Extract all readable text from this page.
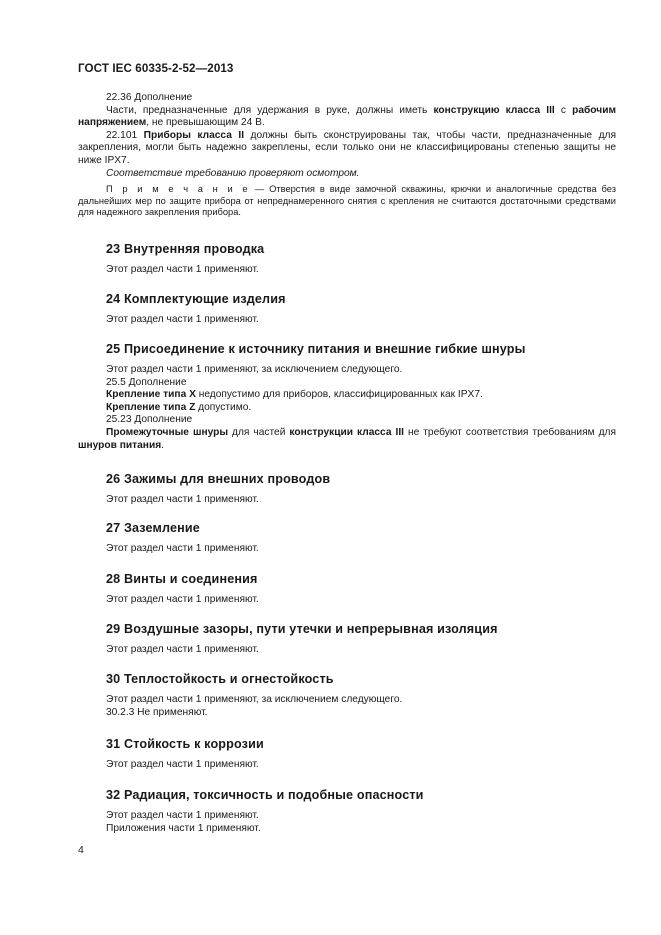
ГОСТ IEC 60335-2-52—2013

22.36 Дополнение

Части, предназначенные для удержания в руке, должны иметь конструкцию класса III с рабочим напряжением, не превышающим 24 В.

22.101 Приборы класса II должны быть сконструированы так, чтобы части, предназначенные для закрепления, могли быть надежно закреплены, если только они не классифицированы степенью защиты не ниже IPX7.

Соответствие требованию проверяют осмотром.

П р и м е ч а н и е — Отверстия в виде замочной скважины, крючки и аналогичные средства без дальнейших мер по защите прибора от непреднамеренного снятия с крепления не считаются достаточными средствами для надежного закрепления прибора.

23 Внутренняя проводка

Этот раздел части 1 применяют.

24 Комплектующие изделия

Этот раздел части 1 применяют.

25 Присоединение к источнику питания и внешние гибкие шнуры

Этот раздел части 1 применяют, за исключением следующего.

25.5 Дополнение

Крепление типа X недопустимо для приборов, классифицированных как IPX7.

Крепление типа Z допустимо.

25.23 Дополнение

Промежуточные шнуры для частей конструкции класса III не требуют соответствия требованиям для шнуров питания.

26 Зажимы для внешних проводов

Этот раздел части 1 применяют.

27 Заземление

Этот раздел части 1 применяют.

28 Винты и соединения

Этот раздел части 1 применяют.

29 Воздушные зазоры, пути утечки и непрерывная изоляция

Этот раздел части 1 применяют.

30 Теплостойкость и огнестойкость

Этот раздел части 1 применяют, за исключением следующего.

30.2.3 Не применяют.

31 Стойкость к коррозии

Этот раздел части 1 применяют.

32 Радиация, токсичность и подобные опасности

Этот раздел части 1 применяют.

Приложения части 1 применяют.

4
